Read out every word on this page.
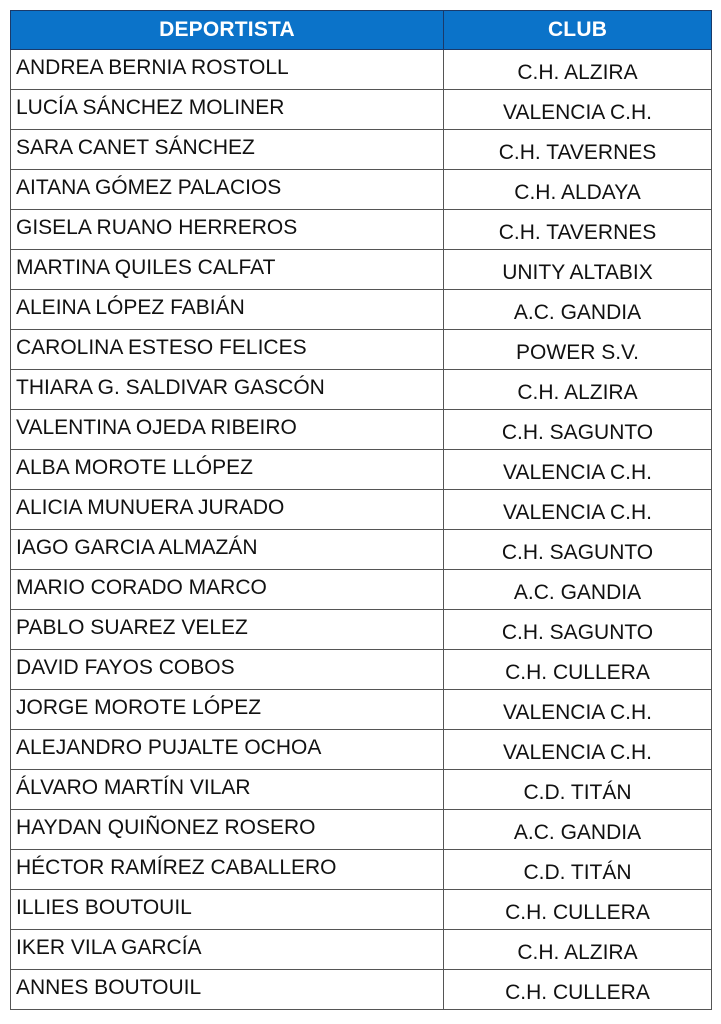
DEPORTISTA	CLUB
ANDREA BERNIA ROSTOLL	C.H. ALZIRA
LUCÍA SÁNCHEZ MOLINER	VALENCIA C.H.
SARA CANET SÁNCHEZ	C.H. TAVERNES
AITANA GÓMEZ PALACIOS	C.H. ALDAYA
GISELA RUANO HERREROS	C.H. TAVERNES
MARTINA QUILES CALFAT	UNITY ALTABIX
ALEINA LÓPEZ FABIÁN	A.C. GANDIA
CAROLINA ESTESO FELICES	POWER S.V.
THIARA G. SALDIVAR GASCÓN	C.H. ALZIRA
VALENTINA OJEDA RIBEIRO	C.H. SAGUNTO
ALBA MOROTE LLÓPEZ	VALENCIA C.H.
ALICIA MUNUERA JURADO	VALENCIA C.H.
IAGO GARCIA ALMAZÁN	C.H. SAGUNTO
MARIO CORADO MARCO	A.C. GANDIA
PABLO SUAREZ VELEZ	C.H. SAGUNTO
DAVID FAYOS COBOS	C.H. CULLERA
JORGE MOROTE LÓPEZ	VALENCIA C.H.
ALEJANDRO PUJALTE OCHOA	VALENCIA C.H.
ÁLVARO MARTÍN VILAR	C.D. TITÁN
HAYDAN QUIÑONEZ ROSERO	A.C. GANDIA
HÉCTOR RAMÍREZ CABALLERO	C.D. TITÁN
ILLIES BOUTOUIL	C.H. CULLERA
IKER VILA GARCÍA	C.H. ALZIRA
ANNES BOUTOUIL	C.H. CULLERA
